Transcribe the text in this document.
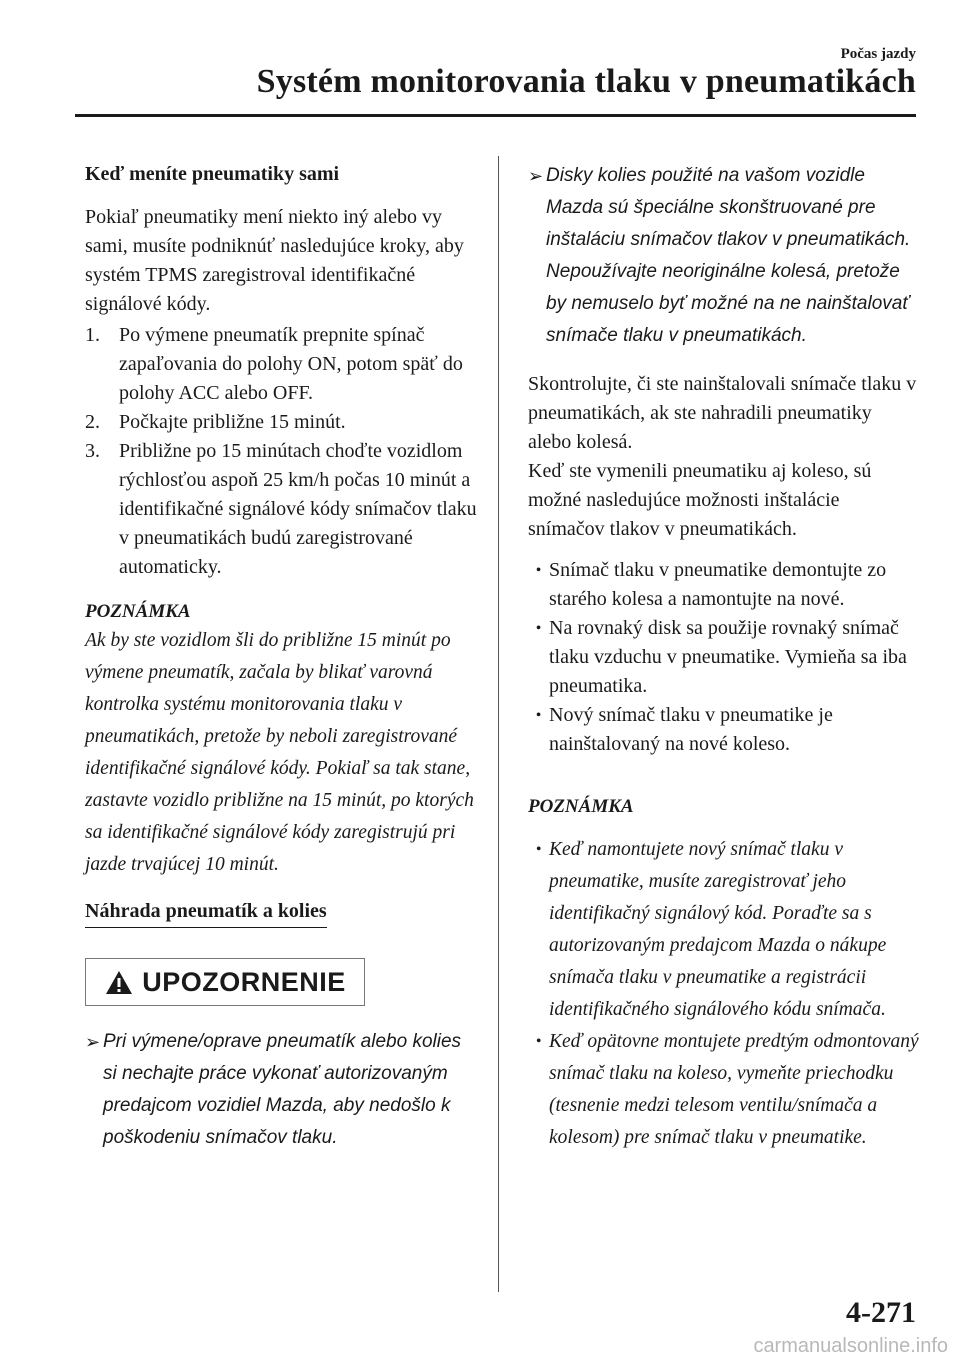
Počas jazdy
Systém monitorovania tlaku v pneumatikách
Keď meníte pneumatiky sami

Pokiaľ pneumatiky mení niekto iný alebo vy sami, musíte podniknúť nasledujúce kroky, aby systém TPMS zaregistroval identifikačné signálové kódy.

1. Po výmene pneumatík prepnite spínač zapaľovania do polohy ON, potom späť do polohy ACC alebo OFF.
2. Počkajte približne 15 minút.
3. Približne po 15 minútach choďte vozidlom rýchlosťou aspoň 25 km/h počas 10 minút a identifikačné signálové kódy snímačov tlaku v pneumatikách budú zaregistrované automaticky.
POZNÁMKA
Ak by ste vozidlom šli do približne 15 minút po výmene pneumatík, začala by blikať varovná kontrolka systému monitorovania tlaku v pneumatikách, pretože by neboli zaregistrované identifikačné signálové kódy. Pokiaľ sa tak stane, zastavte vozidlo približne na 15 minút, po ktorých sa identifikačné signálové kódy zaregistrujú pri jazde trvajúcej 10 minút.
Náhrada pneumatík a kolies
UPOZORNENIE
➢ Pri výmene/oprave pneumatík alebo kolies si nechajte práce vykonať autorizovaným predajcom vozidiel Mazda, aby nedošlo k poškodeniu snímačov tlaku.
➢ Disky kolies použité na vašom vozidle Mazda sú špeciálne skonštruované pre inštaláciu snímačov tlakov v pneumatikách. Nepoužívajte neoriginálne kolesá, pretože by nemuselo byť možné na ne nainštalovať snímače tlaku v pneumatikách.

Skontrolujte, či ste nainštalovali snímače tlaku v pneumatikách, ak ste nahradili pneumatiky alebo kolesá.

Keď ste vymenili pneumatiku aj koleso, sú možné nasledujúce možnosti inštalácie snímačov tlakov v pneumatikách.

• Snímač tlaku v pneumatike demontujte zo starého kolesa a namontujte na nové.
• Na rovnaký disk sa použije rovnaký snímač tlaku vzduchu v pneumatike. Vymieňa sa iba pneumatika.
• Nový snímač tlaku v pneumatike je nainštalovaný na nové koleso.
POZNÁMKA
• Keď namontujete nový snímač tlaku v pneumatike, musíte zaregistrovať jeho identifikačný signálový kód. Poraďte sa s autorizovaným predajcom Mazda o nákupe snímača tlaku v pneumatike a registrácii identifikačného signálového kódu snímača.
• Keď opätovne montujete predtým odmontovaný snímač tlaku na koleso, vymeňte priechodku (tesnenie medzi telesom ventilu/snímača a kolesom) pre snímač tlaku v pneumatike.
4-271
carmanualsonline.info
